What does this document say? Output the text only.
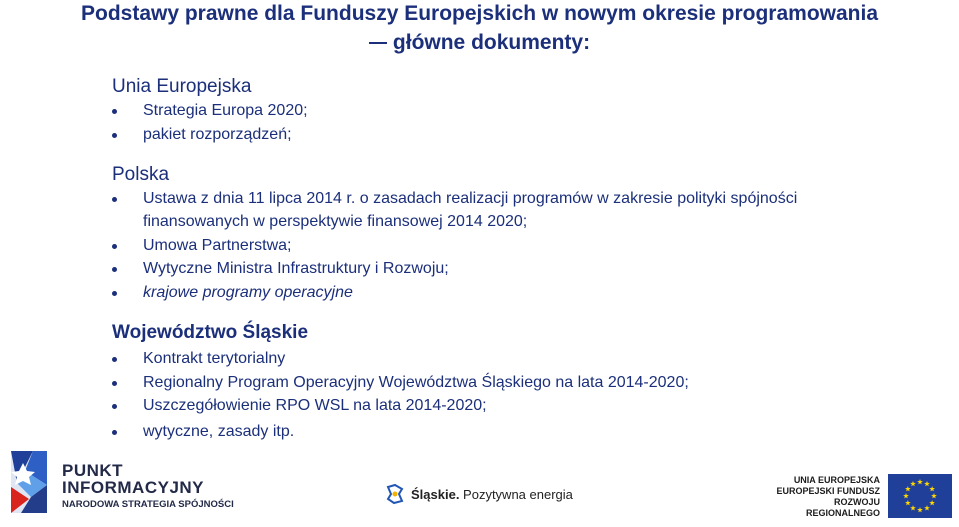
Podstawy prawne dla Funduszy Europejskich w nowym okresie programowania
główne dokumenty:
Unia Europejska
Strategia Europa 2020;
pakiet rozporządzeń;
Polska
Ustawa z dnia 11 lipca 2014 r. o zasadach realizacji programów w zakresie polityki spójności
finansowanych w perspektywie finansowej 2014 2020;
Umowa Partnerstwa;
Wytyczne Ministra Infrastruktury i Rozwoju;
krajowe programy operacyjne
Województwo Śląskie
Kontrakt terytorialny
Regionalny Program Operacyjny Województwa Śląskiego na lata 2014-2020;
Uszczegółowienie RPO WSL na lata 2014-2020;
wytyczne, zasady itp.
PUNKT
INFORMACYJNY
NARODOWA STRATEGIA SPÓJNOŚCI
Śląskie. Pozytywna energia
UNIA EUROPEJSKA
EUROPEJSKI FUNDUSZ
ROZWOJU REGIONALNEGO
